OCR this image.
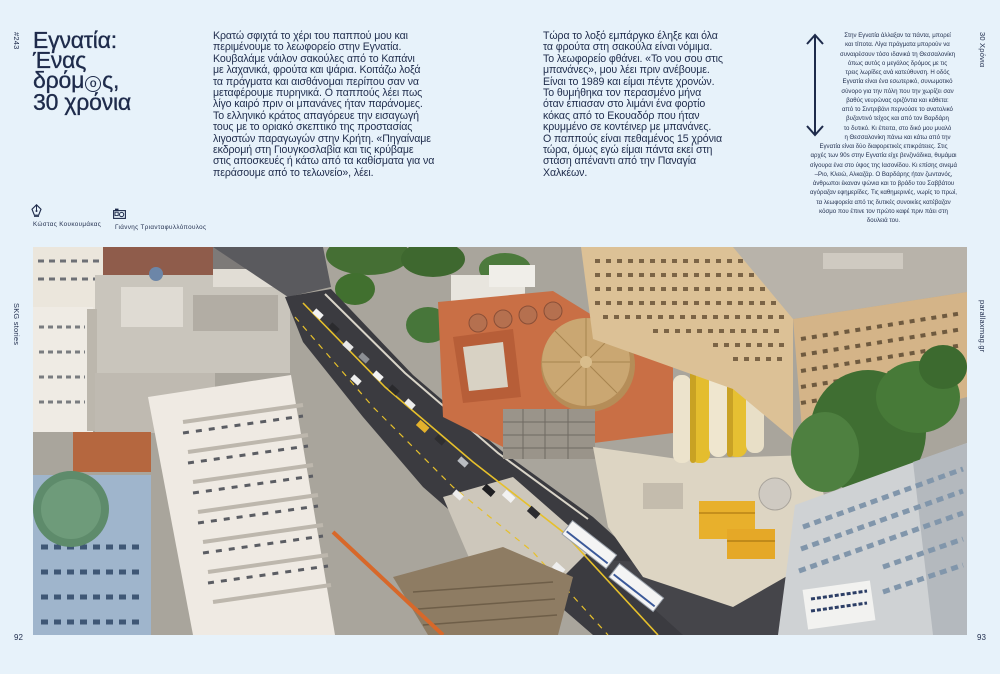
#243
SKG stories
30 Χρόνια
parallaxmag.gr
92	93
Εγνατία:
Ένας
δρόμ ο ς,
30 χρόνια
Κρατώ σφιχτά το χέρι του παππού μου και
περιμένουμε το λεωφορείο στην Εγνατία.
Κουβαλάμε νάιλον σακούλες από το Καπάνι
με λαχανικά, φρούτα και ψάρια. Κοιτάζω λοξά
τα πράγματα και αισθάνομαι περίπου σαν να
μεταφέρουμε πυρηνικά. Ο παππούς λέει πως
λίγο καιρό πριν οι μπανάνες ήταν παράνομες.
Το ελληνικό κράτος απαγόρευε την εισαγωγή
τους με το οριακό σκεπτικό της προστασίας
λιγοστών παραγωγών στην Κρήτη. «Πηγαίναμε
εκδρομή στη Γιουγκοσλαβία και τις κρύβαμε
στις αποσκευές ή κάτω από τα καθίσματα για να
περάσουμε από το τελωνείο», λέει.
Τώρα το λοξό εμπάργκο έληξε και όλα
τα φρούτα στη σακούλα είναι νόμιμα.
Το λεωφορείο φθάνει. «Το νου σου στις
μπανάνες», μου λέει πριν ανέβουμε.
Είναι το 1989 και είμαι πέντε χρονών.
Το θυμήθηκα τον περασμένο μήνα
όταν έπιασαν στο λιμάνι ένα φορτίο
κόκας από το Εκουαδόρ που ήταν
κρυμμένο σε κοντέινερ με μπανάνες.
Ο παππούς είναι πεθαμένος 15 χρόνια
τώρα, όμως εγώ είμαι πάντα εκεί στη
στάση απέναντι από την Παναγία
Χαλκέων.
Στην Εγνατία άλλαξαν τα πάντα, μπορεί
και τίποτα. Λίγα πράγματα μπορούν να
συναιρέσουν τόσο ιδανικά τη Θεσσαλονίκη
όπως αυτός ο μεγάλος δρόμος με τις
τρεις λωρίδες ανά κατεύθυνση. Η οδός
Εγνατία είναι ένα εσωτερικό, συνωμοτικό
σύνορο για την πόλη που την χωρίζει σαν
βαθύς νευρώνας οριζόντια και κάθετα:
από το Σιντριβάνι περνούσε το ανατολικό
βυζαντινό τείχος και από τον Βαρδάρη
το δυτικό. Κι έπειτα, στο δικό μου μυαλό
η Θεσσαλονίκη πάνω και κάτω από την
Εγνατία είναι δύο διαφορετικές επικράτειες. Στις
αρχές των 90s στην Εγνατία είχε βενζινάδικα, θυμάμαι
σίγουρα ένα στο ύψος της Ιασονίδου. Κι επίσης σινεμά
–Ριο, Κλειώ, Αλκαζάρ. Ο Βαρδάρης ήταν ζωντανός,
άνθρωποι έκαναν ψώνια και το βράδυ του Σαββάτου
αγόραζαν εφημερίδες. Τις καθημερινές, νωρίς το πρωί,
τα λεωφορεία από τις δυτικές συνοικίες κατέβαζαν
κόσμο που έπινε τον πρώτο καφέ πριν πάει στη
δουλειά του.
Κώστας Κουκουμάκας Γιάννης Τριανταφυλλόπουλος
